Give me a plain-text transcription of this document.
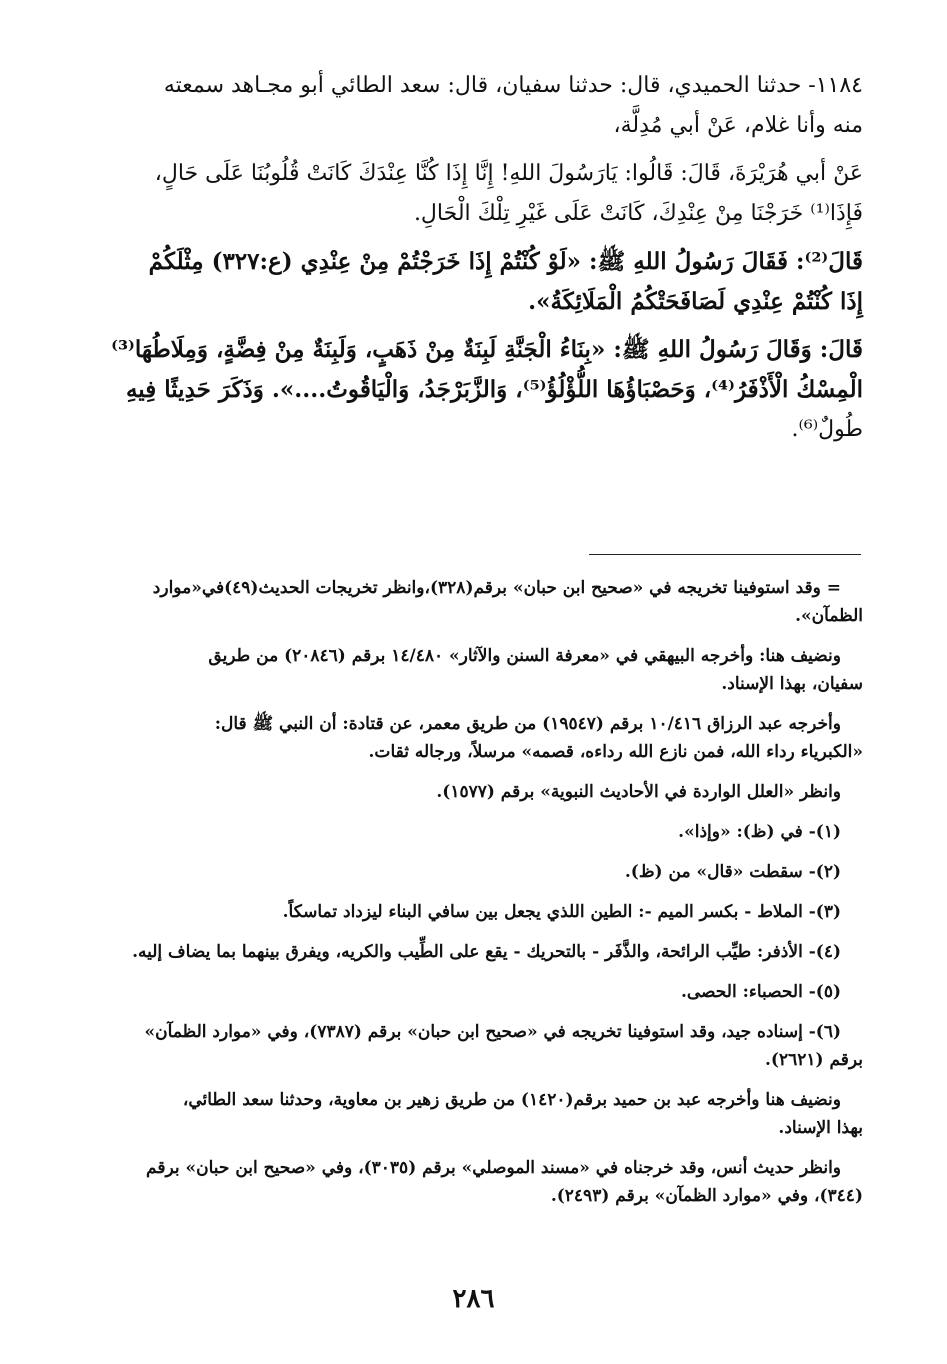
١١٨٤- حدثنا الحميدي، قال: حدثنا سفيان، قال: سعد الطائي أبو مجـاهد سمعته
منه وأنا غلام، عَنْ أبي مُدِلَّة،
عَنْ أبي هُرَيْرَةَ، قَالَ: قَالُوا: يَارَسُولَ اللهِ! إِنَّا إِذَا كُنَّا عِنْدَكَ كَانَتْ قُلُوبُنَا عَلَى حَالٍ،
فَإِذَا⁽¹⁾ خَرَجْنَا مِنْ عِنْدِكَ، كَانَتْ عَلَى غَيْرِ تِلْكَ الْحَالِ.
قَالَ⁽²⁾: فَقَالَ رَسُولُ اللهِ ﷺ: «لَوْ كُنْتُمْ إِذَا خَرَجْتُمْ مِنْ عِنْدِي (ع:٣٢٧) مِثْلَكُمْ
إِذَا كُنْتُمْ عِنْدِي لَصَافَحَتْكُمُ الْمَلَائِكَةُ».
قَالَ: وَقَالَ رَسُولُ اللهِ ﷺ: «بِنَاءُ الْجَنَّةِ لَبِنَةٌ مِنْ ذَهَبٍ، وَلَبِنَةٌ مِنْ فِضَّةٍ، وَمِلَاطُهَا⁽³⁾
الْمِسْكُ الْأَذْفَرُ⁽⁴⁾، وَحَصْبَاؤُهَا اللُّؤْلُؤُ⁽⁵⁾، وَالزَّبَرْجَدُ، وَالْيَاقُوتُ....». وَذَكَرَ حَدِيثًا فِيهِ
طُولٌ⁽⁶⁾.
= وقد استوفينا تخريجه في «صحيح ابن حبان» برقم(٣٢٨)،وانظر تخريجات الحديث(٤٩)في«موارد
الظمآن».
ونضيف هنا: وأخرجه البيهقي في «معرفة السنن والآثار» ١٤/٤٨٠ برقم (٢٠٨٤٦) من طريق
سفيان، بهذا الإسناد.
وأخرجه عبد الرزاق ١٠/٤١٦ برقم (١٩٥٤٧) من طريق معمر، عن قتادة: أن النبي ﷺ قال:
«الكبرياء رداء الله، فمن نازع الله رداءه، قصمه» مرسلاً، ورجاله ثقات.
وانظر «العلل الواردة في الأحاديث النبوية» برقم (١٥٧٧).
(١)- في (ظ): «وإذا».
(٢)- سقطت «قال» من (ظ).
(٣)- الملاط - بكسر الميم -: الطين اللذي يجعل بين سافي البناء ليزداد تماسكاً.
(٤)- الأذفر: طيِّب الرائحة، والذَّفَر - بالتحريك - يقع على الطِّيب والكريه، ويفرق بينهما بما يضاف إليه.
(٥)- الحصباء: الحصى.
(٦)- إسناده جيد، وقد استوفينا تخريجه في «صحيح ابن حبان» برقم (٧٣٨٧)، وفي «موارد الظمآن»
برقم (٢٦٢١).
ونضيف هنا وأخرجه عبد بن حميد برقم(١٤٢٠) من طريق زهير بن معاوية، وحدثنا سعد الطائي،
بهذا الإسناد.
وانظر حديث أنس، وقد خرجناه في «مسند الموصلي» برقم (٣٠٣٥)، وفي «صحيح ابن حبان» برقم
(٣٤٤)، وفي «موارد الظمآن» برقم (٢٤٩٣).
٢٨٦
